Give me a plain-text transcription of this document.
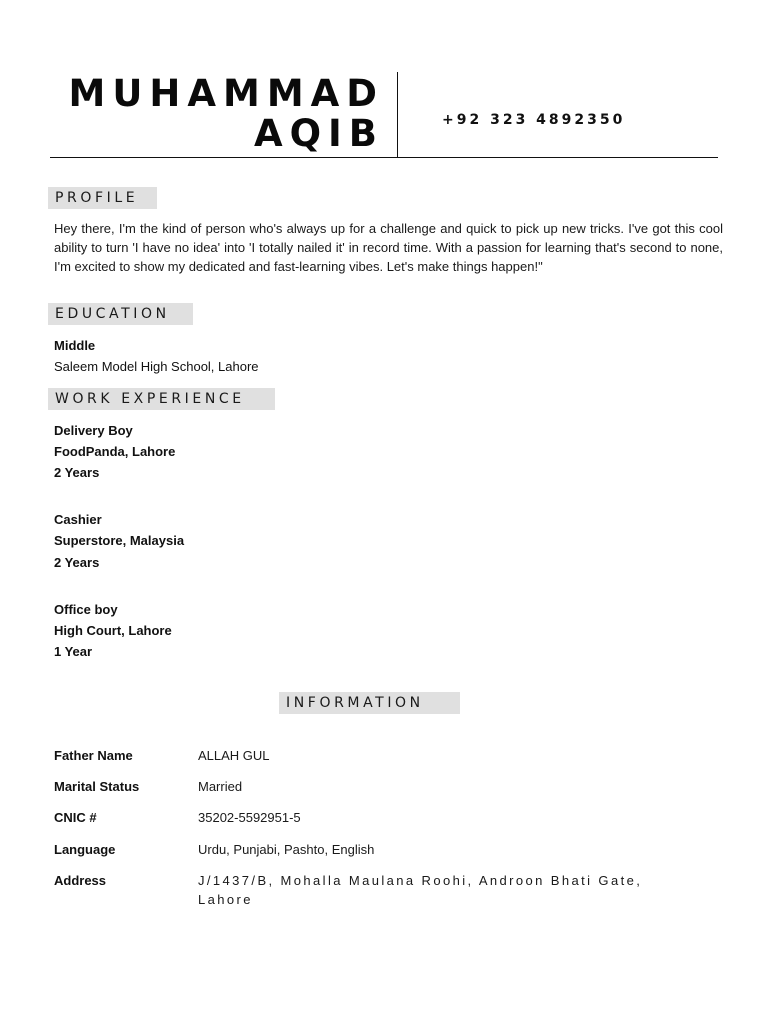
MUHAMMAD
AQIB	+92 323 4892350
PROFILE
Hey there, I'm the kind of person who's always up for a challenge and quick to pick up new tricks. I've got this cool ability to turn 'I have no idea' into 'I totally nailed it' in record time. With a passion for learning that's second to none, I'm excited to show my dedicated and fast-learning vibes. Let's make things happen!"
EDUCATION
Middle
Saleem Model High School, Lahore
WORK EXPERIENCE
Delivery Boy
FoodPanda, Lahore
2 Years
Cashier
Superstore, Malaysia
2 Years
Office boy
High Court, Lahore
1 Year
INFORMATION
Father Name	ALLAH GUL
Marital Status	Married
CNIC #	35202-5592951-5
Language	Urdu, Punjabi, Pashto, English
Address	J/1437/B, Mohalla Maulana Roohi, Androon Bhati Gate, Lahore
